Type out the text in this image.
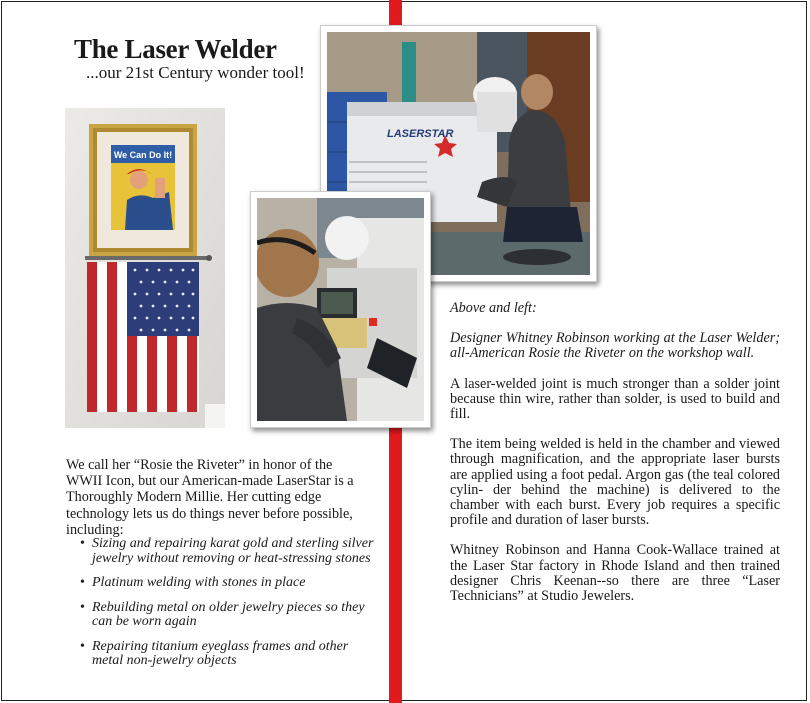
The Laser Welder
...our 21st Century wonder tool!
We Can Do It!
LASERSTAR
We call her “Rosie the Riveter” in honor of the WWII Icon, but our American-made LaserStar is a Thoroughly Modern Millie. Her cutting edge technology lets us do things never before possible, including:
• Sizing and repairing karat gold and sterling silver jewelry without removing or heat-stressing stones
• Platinum welding with stones in place
• Rebuilding metal on older jewelry pieces so they can be worn again
• Repairing titanium eyeglass frames and other metal non-jewelry objects

Above and left:

Designer Whitney Robinson working at the Laser Welder; all-American Rosie the Riveter on the workshop wall.

A laser-welded joint is much stronger than a solder joint because thin wire, rather than solder, is used to build and fill.

The item being welded is held in the chamber and viewed through magnification, and the appropriate laser bursts are applied using a foot pedal. Argon gas (the teal colored cylin- der behind the machine) is delivered to the chamber with each burst. Every job requires a specific profile and duration of laser bursts.

Whitney Robinson and Hanna Cook-Wallace trained at the Laser Star factory in Rhode Island and then trained designer Chris Keenan--so there are three “Laser Technicians” at Studio Jewelers.
